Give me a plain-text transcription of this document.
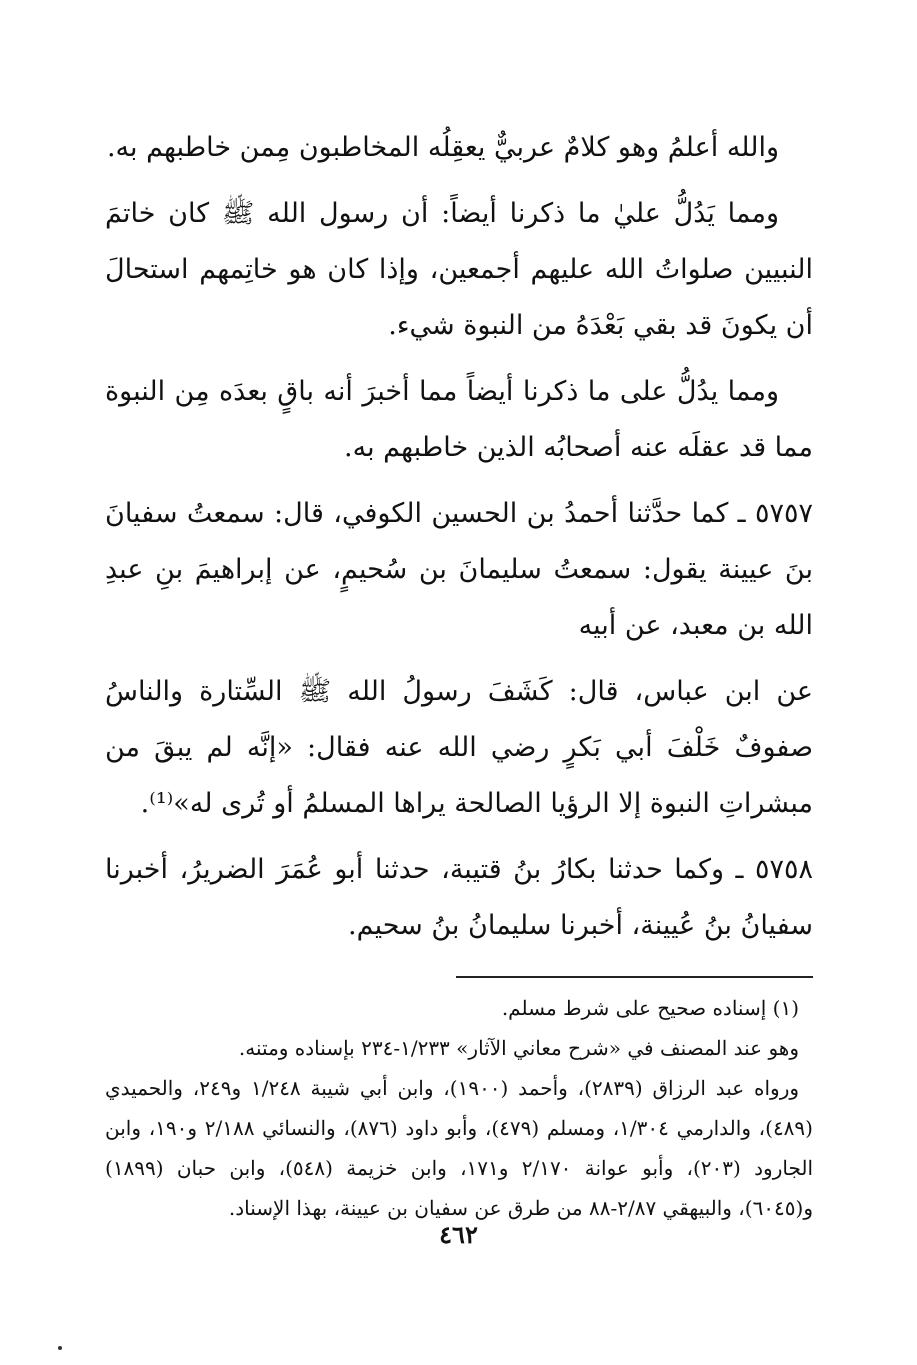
والله أعلمُ وهو كلامٌ عربيٌّ يعقِلُه المخاطبون مِمن خاطبهم به.

ومما يَدُلُّ عليٰ ما ذكرنا أيضاً: أن رسول الله ﷺ كان خاتمَ النبيين صلواتُ الله عليهم أجمعين، وإذا كان هو خاتِمهم استحالَ أن يكونَ قد بقي بَعْدَهُ من النبوة شيء.

ومما يدُلُّ على ما ذكرنا أيضاً مما أخبرَ أنه باقٍ بعدَه مِن النبوة مما قد عقلَه عنه أصحابُه الذين خاطبهم به.

٥٧٥٧ ـ كما حدَّثنا أحمدُ بن الحسين الكوفي، قال: سمعتُ سفيانَ بنَ عيينة يقول: سمعتُ سليمانَ بن سُحيمٍ، عن إبراهيمَ بنِ عبدِ الله بن معبد، عن أبيه

عن ابن عباس، قال: كَشَفَ رسولُ الله ﷺ السِّتارة والناسُ صفوفٌ خَلْفَ أبي بَكرٍ رضي الله عنه فقال: «إنَّه لم يبقَ من مبشراتِ النبوة إلا الرؤيا الصالحة يراها المسلمُ أو تُرى له»⁽¹⁾.

٥٧٥٨ ـ وكما حدثنا بكارُ بنُ قتيبة، حدثنا أبو عُمَرَ الضريرُ، أخبرنا سفيانُ بنُ عُيينة، أخبرنا سليمانُ بنُ سحيم.

(١) إسناده صحيح على شرط مسلم.

وهو عند المصنف في «شرح معاني الآثار» ١/٢٣٣-٢٣٤ بإسناده ومتنه.

ورواه عبد الرزاق (٢٨٣٩)، وأحمد (١٩٠٠)، وابن أبي شيبة ١/٢٤٨ و٢٤٩، والحميدي (٤٨٩)، والدارمي ١/٣٠٤، ومسلم (٤٧٩)، وأبو داود (٨٧٦)، والنسائي ٢/١٨٨ و١٩٠، وابن الجارود (٢٠٣)، وأبو عوانة ٢/١٧٠ و١٧١، وابن خزيمة (٥٤٨)، وابن حبان (١٨٩٩) و(٦٠٤٥)، والبيهقي ٢/٨٧-٨٨ من طرق عن سفيان بن عيينة، بهذا الإسناد.

٤٦٢
